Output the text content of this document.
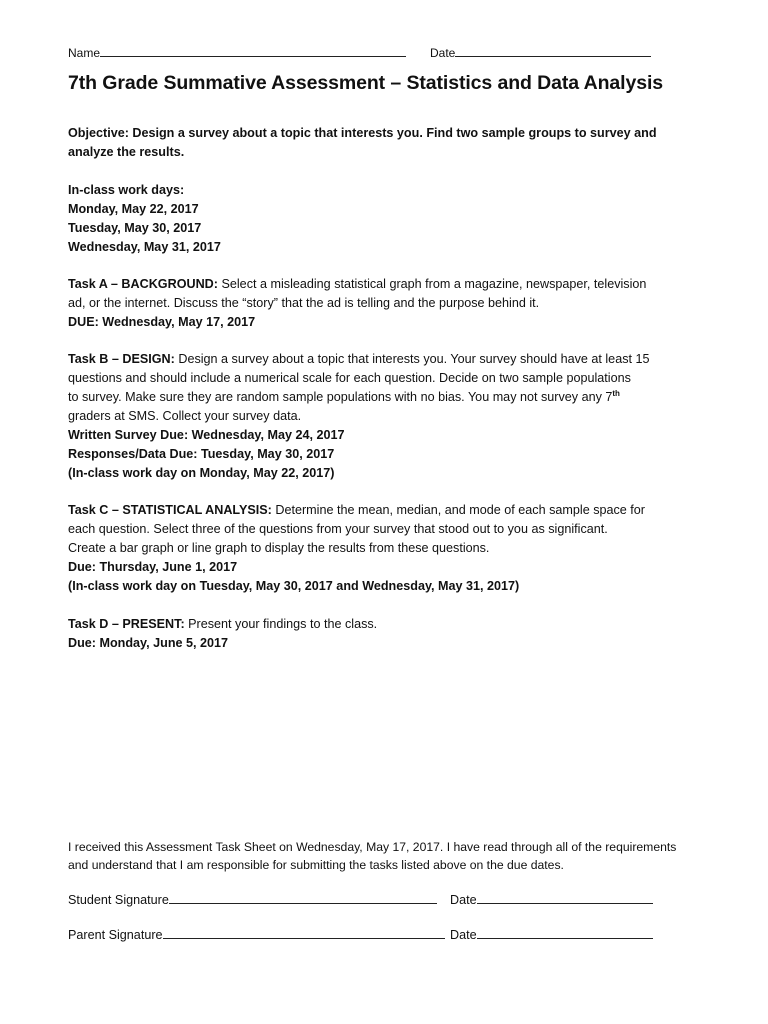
Name	Date
7th Grade Summative Assessment – Statistics and Data Analysis
Objective: Design a survey about a topic that interests you. Find two sample groups to survey and
analyze the results.
In-class work days:
Monday, May 22, 2017
Tuesday, May 30, 2017
Wednesday, May 31, 2017
Task A – BACKGROUND: Select a misleading statistical graph from a magazine, newspaper, television
ad, or the internet. Discuss the “story” that the ad is telling and the purpose behind it.
DUE: Wednesday, May 17, 2017
Task B – DESIGN: Design a survey about a topic that interests you. Your survey should have at least 15
questions and should include a numerical scale for each question. Decide on two sample populations
to survey. Make sure they are random sample populations with no bias. You may not survey any 7th
graders at SMS. Collect your survey data.
Written Survey Due: Wednesday, May 24, 2017
Responses/Data Due: Tuesday, May 30, 2017
(In-class work day on Monday, May 22, 2017)
Task C – STATISTICAL ANALYSIS: Determine the mean, median, and mode of each sample space for
each question. Select three of the questions from your survey that stood out to you as significant.
Create a bar graph or line graph to display the results from these questions.
Due: Thursday, June 1, 2017
(In-class work day on Tuesday, May 30, 2017 and Wednesday, May 31, 2017)
Task D – PRESENT: Present your findings to the class.
Due: Monday, June 5, 2017
I received this Assessment Task Sheet on Wednesday, May 17, 2017. I have read through all of the requirements
and understand that I am responsible for submitting the tasks listed above on the due dates.
Student Signature	Date
Parent Signature	Date
